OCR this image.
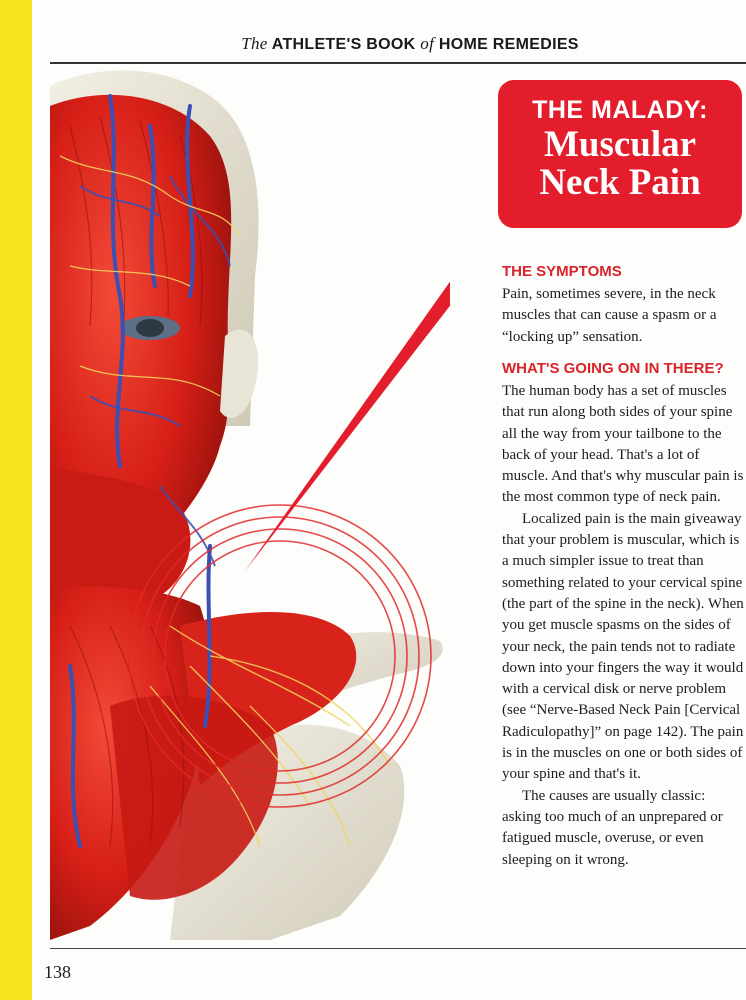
The ATHLETE'S BOOK of HOME REMEDIES
THE MALADY:
Muscular
Neck Pain
THE SYMPTOMS

Pain, sometimes severe, in the neck muscles that can cause a spasm or a “locking up” sensation.

WHAT'S GOING ON IN THERE?

The human body has a set of muscles that run along both sides of your spine all the way from your tailbone to the back of your head. That's a lot of muscle. And that's why muscular pain is the most common type of neck pain.

Localized pain is the main giveaway that your problem is muscular, which is a much simpler issue to treat than something related to your cervical spine (the part of the spine in the neck). When you get muscle spasms on the sides of your neck, the pain tends not to radiate down into your fingers the way it would with a cervical disk or nerve problem (see “Nerve-Based Neck Pain [Cervical Radiculopathy]” on page 142). The pain is in the muscles on one or both sides of your spine and that's it.

The causes are usually classic: asking too much of an unprepared or fatigued muscle, overuse, or even sleeping on it wrong.

138
